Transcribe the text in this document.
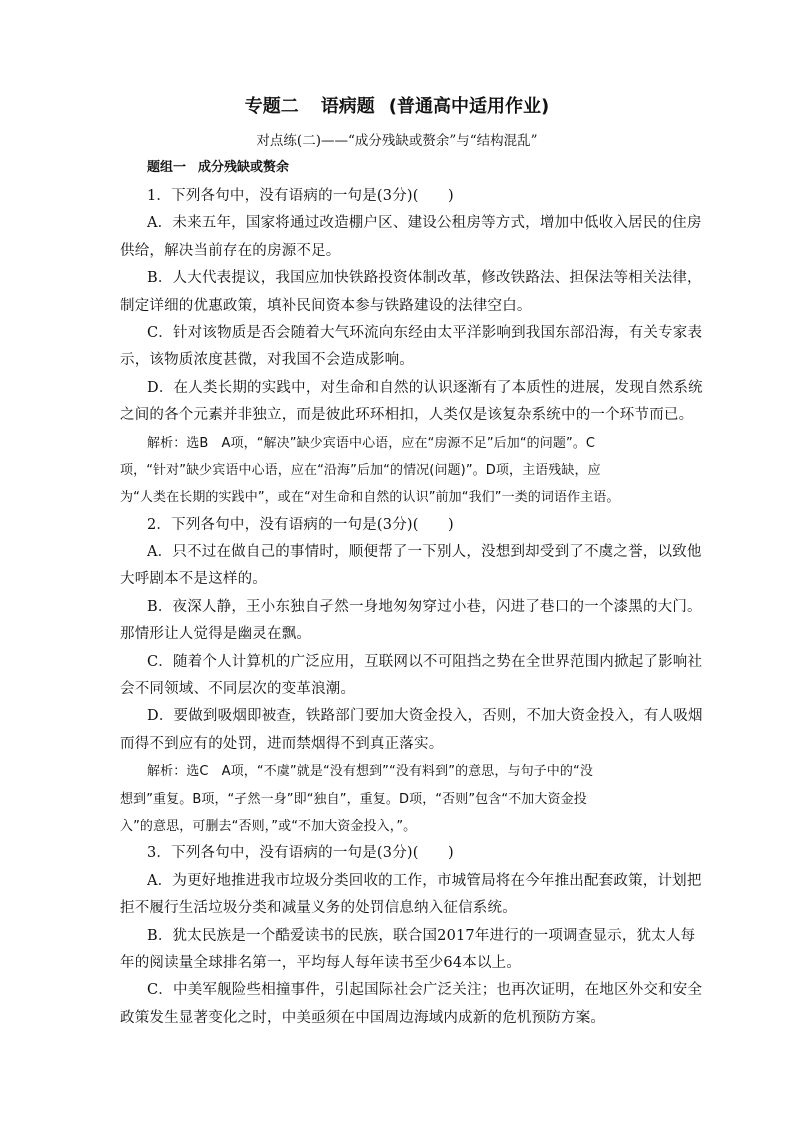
专题二 语病题 (普通高中适用作业)
对点练(二)——“成分残缺或赘余”与“结构混乱”
题组一 成分残缺或赘余
1．下列各句中，没有语病的一句是(3分)(　　)
A．未来五年，国家将通过改造棚户区、建设公租房等方式，增加中低收入居民的住房
供给，解决当前存在的房源不足。
B．人大代表提议，我国应加快铁路投资体制改革，修改铁路法、担保法等相关法律，
制定详细的优惠政策，填补民间资本参与铁路建设的法律空白。
C．针对该物质是否会随着大气环流向东经由太平洋影响到我国东部沿海，有关专家表
示，该物质浓度甚微，对我国不会造成影响。
D．在人类长期的实践中，对生命和自然的认识逐渐有了本质性的进展，发现自然系统
之间的各个元素并非独立，而是彼此环环相扣，人类仅是该复杂系统中的一个环节而已。
解析：选B　A项，“解决”缺少宾语中心语，应在“房源不足”后加“的问题”。C
项，“针对”缺少宾语中心语，应在“沿海”后加“的情况(问题)”。D项，主语残缺，应
为“人类在长期的实践中”，或在“对生命和自然的认识”前加“我们”一类的词语作主语。
2．下列各句中，没有语病的一句是(3分)(　　)
A．只不过在做自己的事情时，顺便帮了一下别人，没想到却受到了不虞之誉，以致他
大呼剧本不是这样的。
B．夜深人静，王小东独自孑然一身地匆匆穿过小巷，闪进了巷口的一个漆黑的大门。
那情形让人觉得是幽灵在飘。
C．随着个人计算机的广泛应用，互联网以不可阻挡之势在全世界范围内掀起了影响社
会不同领域、不同层次的变革浪潮。
D．要做到吸烟即被查，铁路部门要加大资金投入，否则，不加大资金投入，有人吸烟
而得不到应有的处罚，进而禁烟得不到真正落实。
解析：选C　A项，“不虞”就是“没有想到”“没有料到”的意思，与句子中的“没
想到”重复。B项，“孑然一身”即“独自”，重复。D项，“否则”包含“不加大资金投
入”的意思，可删去“否则，”或“不加大资金投入，”。
3．下列各句中，没有语病的一句是(3分)(　　)
A．为更好地推进我市垃圾分类回收的工作，市城管局将在今年推出配套政策，计划把
拒不履行生活垃圾分类和减量义务的处罚信息纳入征信系统。
B．犹太民族是一个酷爱读书的民族，联合国2017年进行的一项调查显示，犹太人每
年的阅读量全球排名第一，平均每人每年读书至少64本以上。
C．中美军舰险些相撞事件，引起国际社会广泛关注；也再次证明，在地区外交和安全
政策发生显著变化之时，中美亟须在中国周边海域内成新的危机预防方案。
